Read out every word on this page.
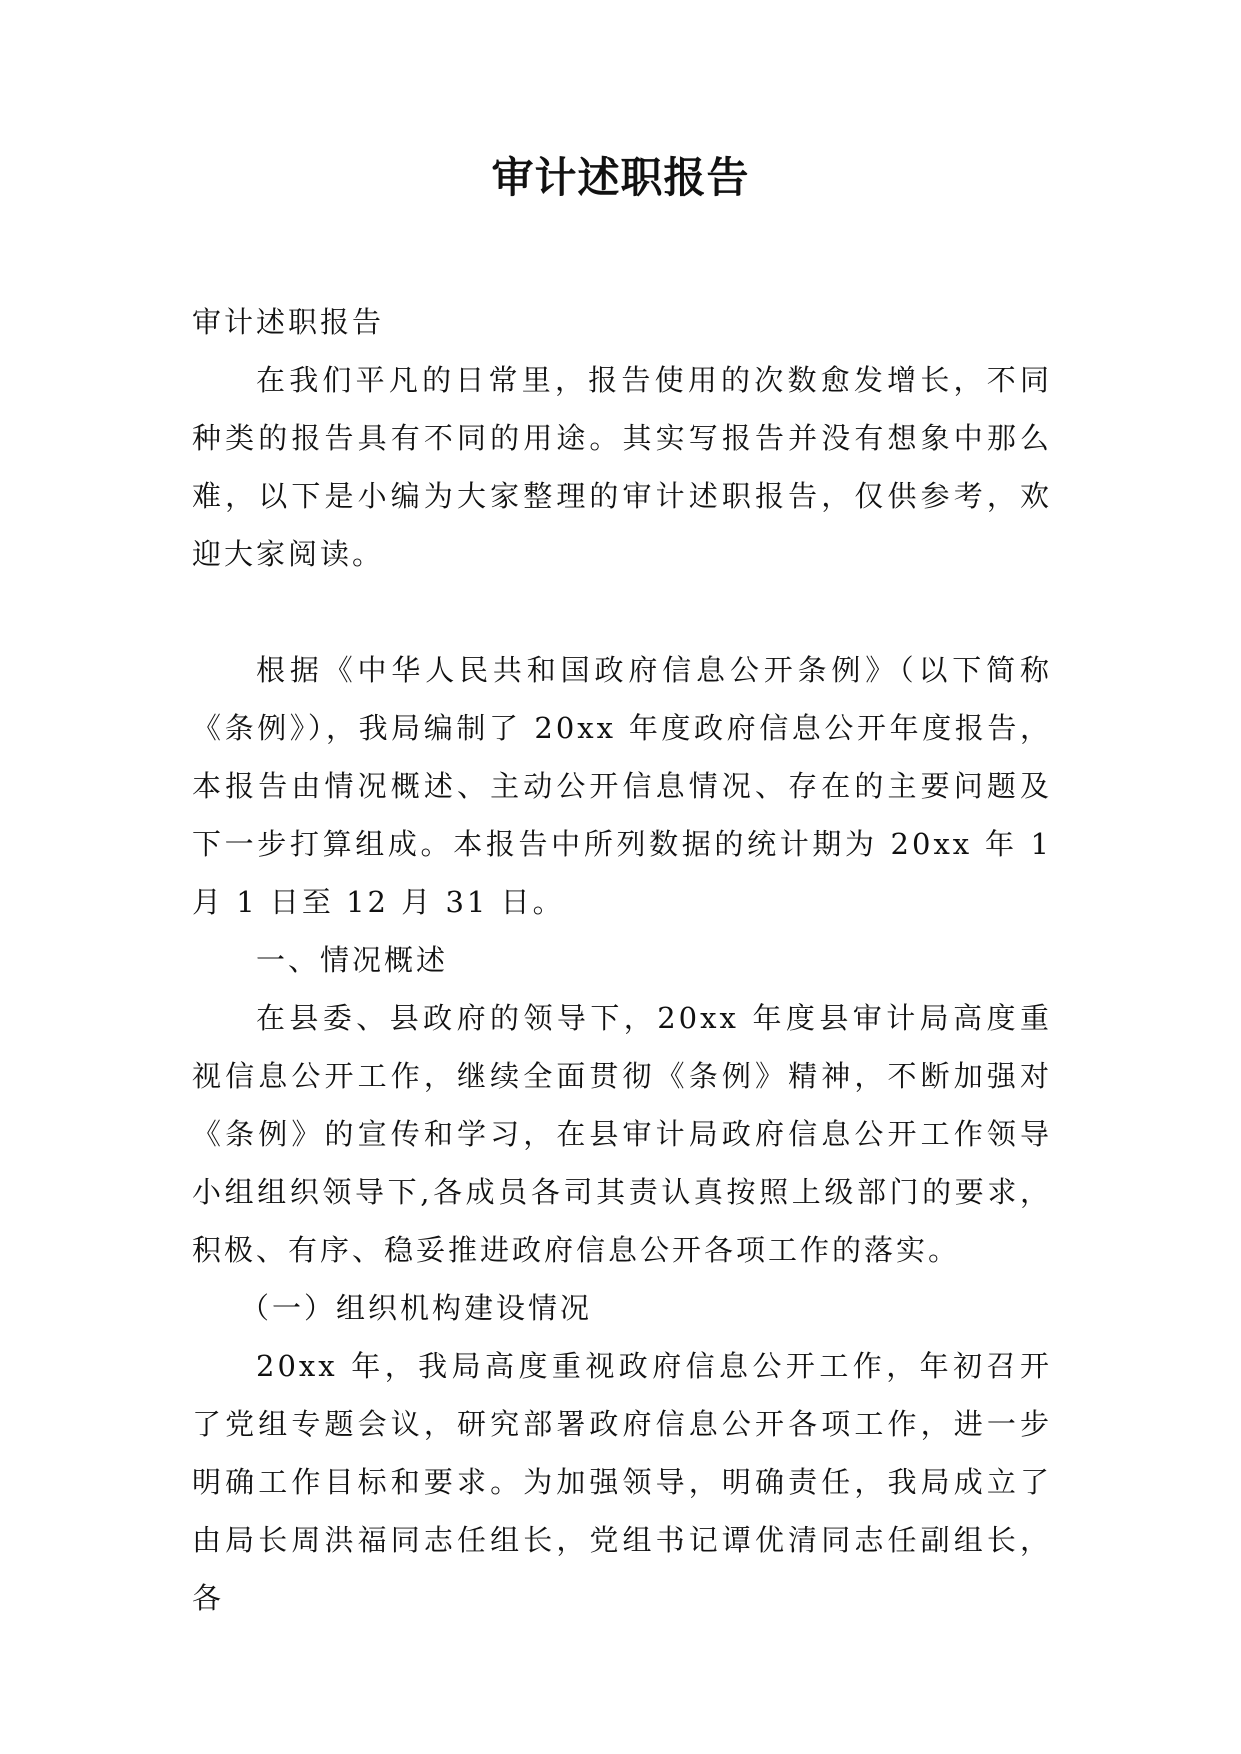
审计述职报告

审计述职报告

在我们平凡的日常里，报告使用的次数愈发增长，不同种类的报告具有不同的用途。其实写报告并没有想象中那么难，以下是小编为大家整理的审计述职报告，仅供参考，欢迎大家阅读。

根据《中华人民共和国政府信息公开条例》（以下简称《条例》），我局编制了 20xx 年度政府信息公开年度报告，本报告由情况概述、主动公开信息情况、存在的主要问题及下一步打算组成。本报告中所列数据的统计期为 20xx 年 1 月 1 日至 12 月 31 日。

一、情况概述

在县委、县政府的领导下，20xx 年度县审计局高度重视信息公开工作，继续全面贯彻《条例》精神，不断加强对《条例》的宣传和学习，在县审计局政府信息公开工作领导小组组织领导下,各成员各司其责认真按照上级部门的要求，积极、有序、稳妥推进政府信息公开各项工作的落实。

（一）组织机构建设情况

20xx 年，我局高度重视政府信息公开工作，年初召开了党组专题会议，研究部署政府信息公开各项工作，进一步明确工作目标和要求。为加强领导，明确责任，我局成立了由局长周洪福同志任组长，党组书记谭优清同志任副组长，各
